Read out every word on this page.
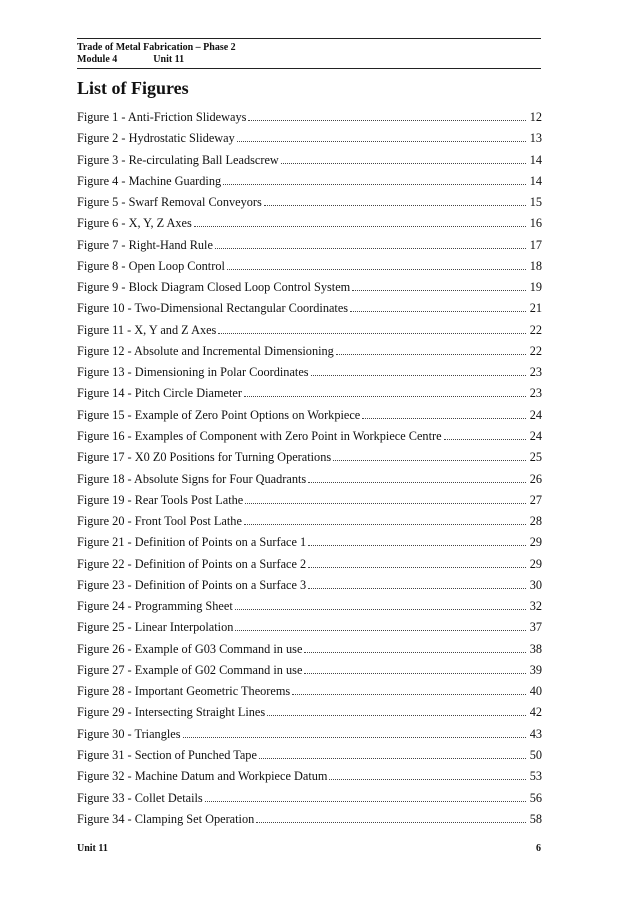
Trade of Metal Fabrication – Phase 2
Module 4	Unit 11
List of Figures
Figure 1 - Anti-Friction Slideways	12
Figure 2 - Hydrostatic Slideway	13
Figure 3 - Re-circulating Ball Leadscrew	14
Figure 4 - Machine Guarding	14
Figure 5 - Swarf Removal Conveyors	15
Figure 6 - X, Y, Z Axes	16
Figure 7 - Right-Hand Rule	17
Figure 8 - Open Loop Control	18
Figure 9 - Block Diagram Closed Loop Control System	19
Figure 10 - Two-Dimensional Rectangular Coordinates	21
Figure 11 - X, Y and Z Axes	22
Figure 12 - Absolute and Incremental Dimensioning	22
Figure 13 - Dimensioning in Polar Coordinates	23
Figure 14 - Pitch Circle Diameter	23
Figure 15 - Example of Zero Point Options on Workpiece	24
Figure 16 - Examples of Component with Zero Point in Workpiece Centre	24
Figure 17 - X0 Z0 Positions for Turning Operations	25
Figure 18 - Absolute Signs for Four Quadrants	26
Figure 19 - Rear Tools Post Lathe	27
Figure 20 - Front Tool Post Lathe	28
Figure 21 - Definition of Points on a Surface 1	29
Figure 22 - Definition of Points on a Surface 2	29
Figure 23 - Definition of Points on a Surface 3	30
Figure 24 - Programming Sheet	32
Figure 25 - Linear Interpolation	37
Figure 26 - Example of G03 Command in use	38
Figure 27 - Example of G02 Command in use	39
Figure 28 - Important Geometric Theorems	40
Figure 29 - Intersecting Straight Lines	42
Figure 30 - Triangles	43
Figure 31 - Section of Punched Tape	50
Figure 32 - Machine Datum and Workpiece Datum	53
Figure 33 - Collet Details	56
Figure 34 - Clamping Set Operation	58
Unit 11	6
